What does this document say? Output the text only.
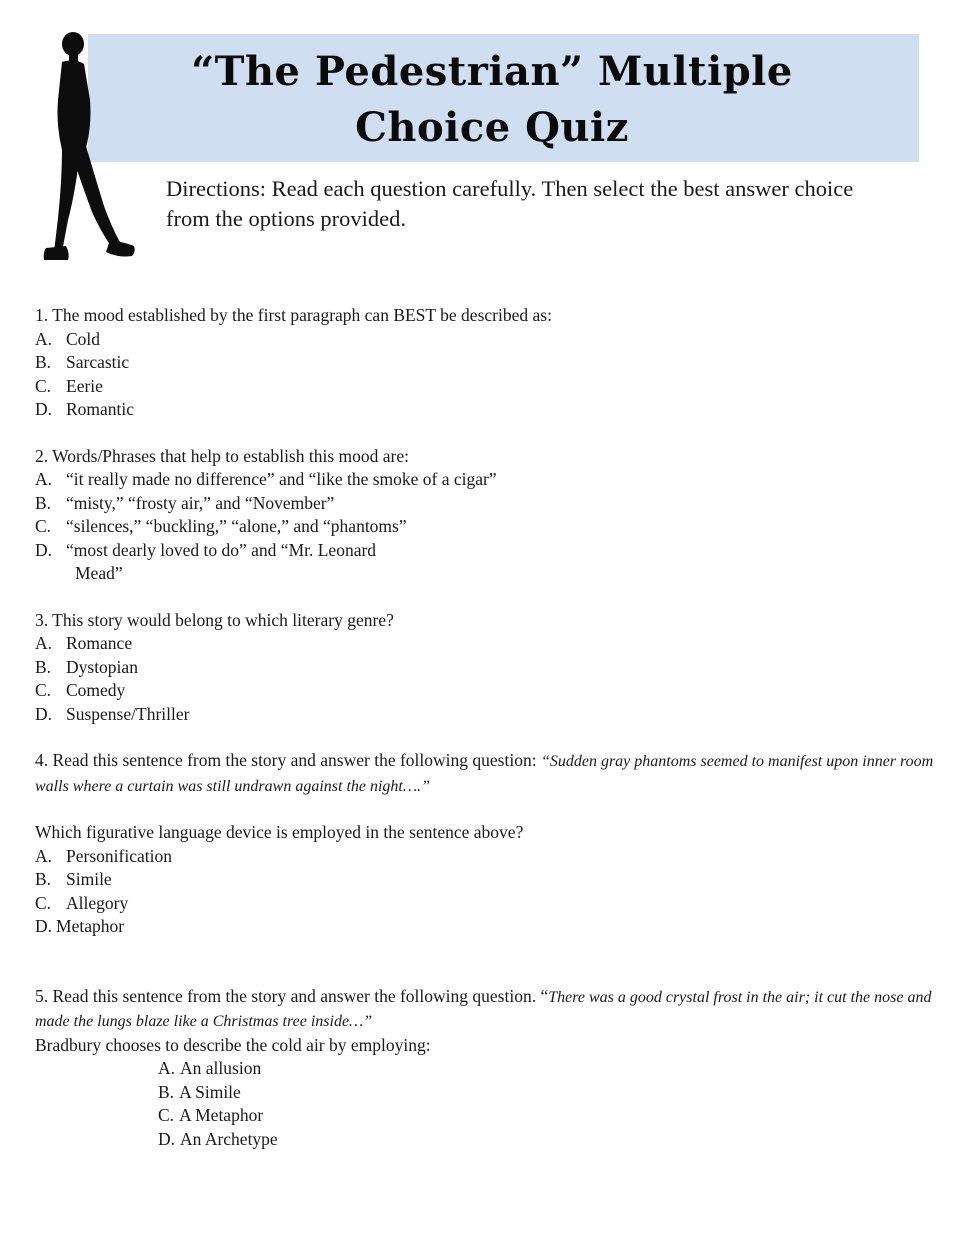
“The Pedestrian” Multiple
Choice Quiz
Directions: Read each question carefully. Then select the best answer choice from the options provided.

1. The mood established by the first paragraph can BEST be described as:

A. Cold
B. Sarcastic
C. Eerie
D. Romantic

2. Words/Phrases that help to establish this mood are:

A. “it really made no difference” and “like the smoke of a cigar”
B. “misty,” “frosty air,” and “November”
C. “silences,” “buckling,” “alone,” and “phantoms”
D. “most dearly loved to do” and “Mr. Leonard
Mead”

3. This story would belong to which literary genre?

A. Romance
B. Dystopian
C. Comedy
D. Suspense/Thriller

4. Read this sentence from the story and answer the following question: “Sudden gray phantoms seemed to manifest upon inner room walls where a curtain was still undrawn against the night….”

Which figurative language device is employed in the sentence above?

A. Personification
B. Simile
C. Allegory
D. Metaphor

5. Read this sentence from the story and answer the following question. “There was a good crystal frost in the air; it cut the nose and made the lungs blaze like a Christmas tree inside…”

Bradbury chooses to describe the cold air by employing:

A. An allusion
B. A Simile
C. A Metaphor
D. An Archetype
